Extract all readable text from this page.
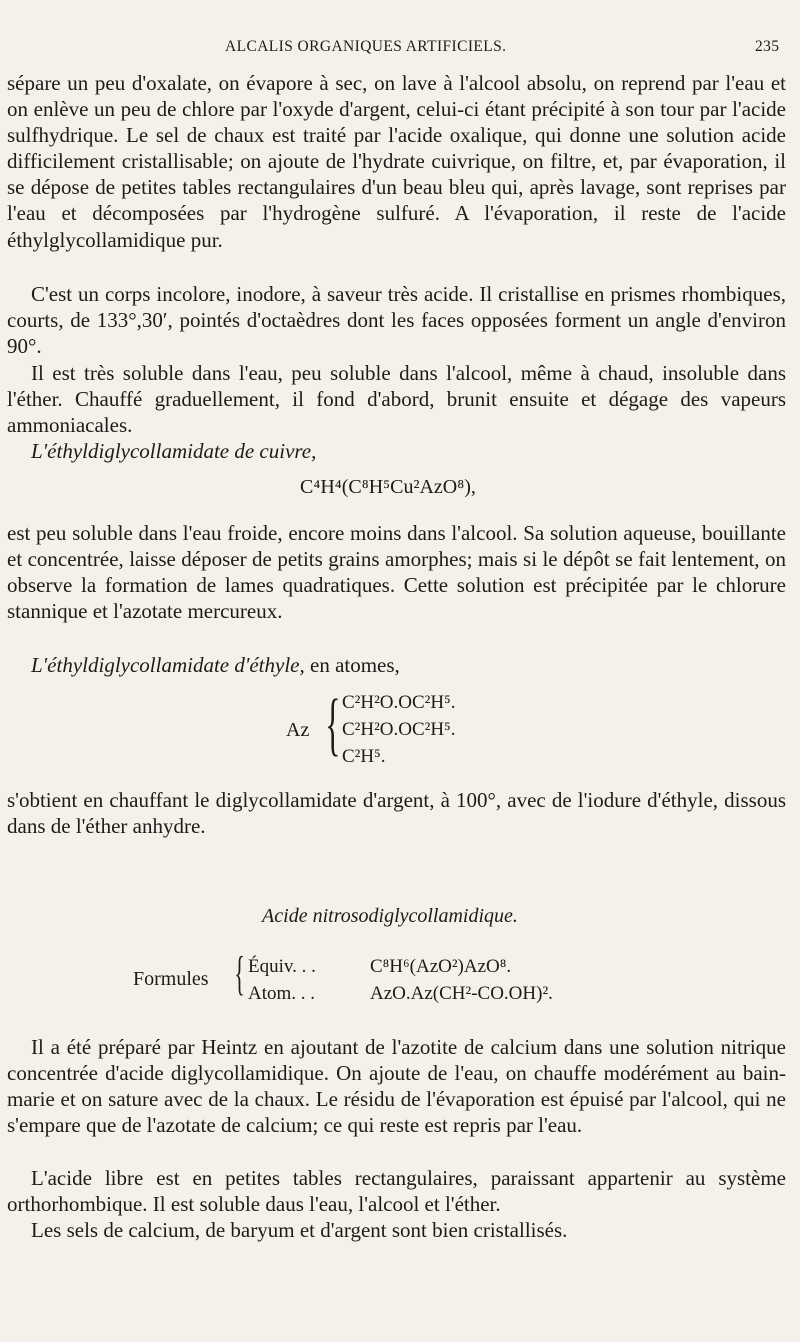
ALCALIS ORGANIQUES ARTIFICIELS.	235

sépare un peu d'oxalate, on évapore à sec, on lave à l'alcool absolu, on reprend par l'eau et on enlève un peu de chlore par l'oxyde d'argent, celui-ci étant précipité à son tour par l'acide sulfhydrique. Le sel de chaux est traité par l'acide oxalique, qui donne une solution acide difficilement cristallisable; on ajoute de l'hydrate cuivrique, on filtre, et, par évaporation, il se dépose de petites tables rectangulaires d'un beau bleu qui, après lavage, sont reprises par l'eau et décomposées par l'hydrogène sulfuré. A l'évaporation, il reste de l'acide éthylglycollamidique pur.

C'est un corps incolore, inodore, à saveur très acide. Il cristallise en prismes rhombiques, courts, de 133°,30′, pointés d'octaèdres dont les faces opposées forment un angle d'environ 90°.

Il est très soluble dans l'eau, peu soluble dans l'alcool, même à chaud, insoluble dans l'éther. Chauffé graduellement, il fond d'abord, brunit ensuite et dégage des vapeurs ammoniacales.

L'éthyldiglycollamidate de cuivre,

C⁴H⁴(C⁸H⁵Cu²AzO⁸),

est peu soluble dans l'eau froide, encore moins dans l'alcool. Sa solution aqueuse, bouillante et concentrée, laisse déposer de petits grains amorphes; mais si le dépôt se fait lentement, on observe la formation de lames quadratiques. Cette solution est précipitée par le chlorure stannique et l'azotate mercureux.

L'éthyldiglycollamidate d'éthyle, en atomes,

Az { C²H²O.OC²H⁵.
C²H²O.OC²H⁵.
C²H⁵.

s'obtient en chauffant le diglycollamidate d'argent, à 100°, avec de l'iodure d'éthyle, dissous dans de l'éther anhydre.

Acide nitrosodiglycollamidique.
Formules { Équiv. . .	C⁸H⁶(AzO²)AzO⁸.
Atom. . .	AzO.Az(CH²-CO.OH)².

Il a été préparé par Heintz en ajoutant de l'azotite de calcium dans une solution nitrique concentrée d'acide diglycollamidique. On ajoute de l'eau, on chauffe modérément au bain-marie et on sature avec de la chaux. Le résidu de l'évaporation est épuisé par l'alcool, qui ne s'empare que de l'azotate de calcium; ce qui reste est repris par l'eau.

L'acide libre est en petites tables rectangulaires, paraissant appartenir au système orthorhombique. Il est soluble daus l'eau, l'alcool et l'éther.

Les sels de calcium, de baryum et d'argent sont bien cristallisés.
